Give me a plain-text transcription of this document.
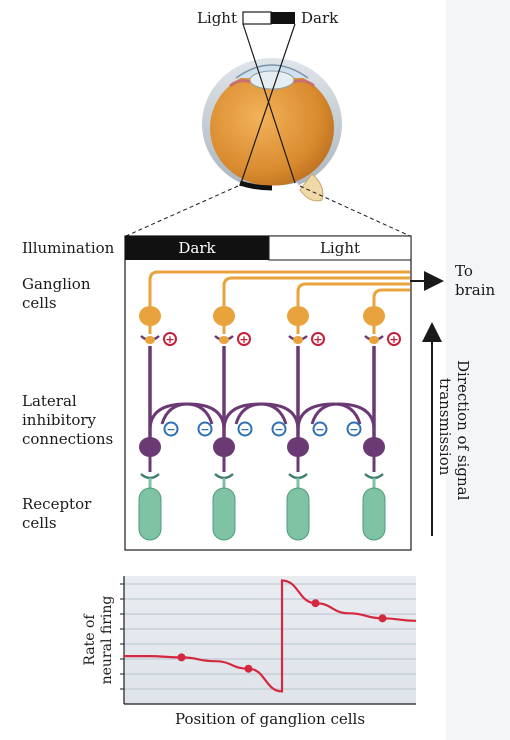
Light	Dark
Dark	Light
+	+	+	+
− −	− −	− −
Illumination
Ganglion
cells
Lateral
inhibitory
connections
Receptor
cells
To
brain
Direction of signal
transmission
Rate of neural firing
Position of ganglion cells
